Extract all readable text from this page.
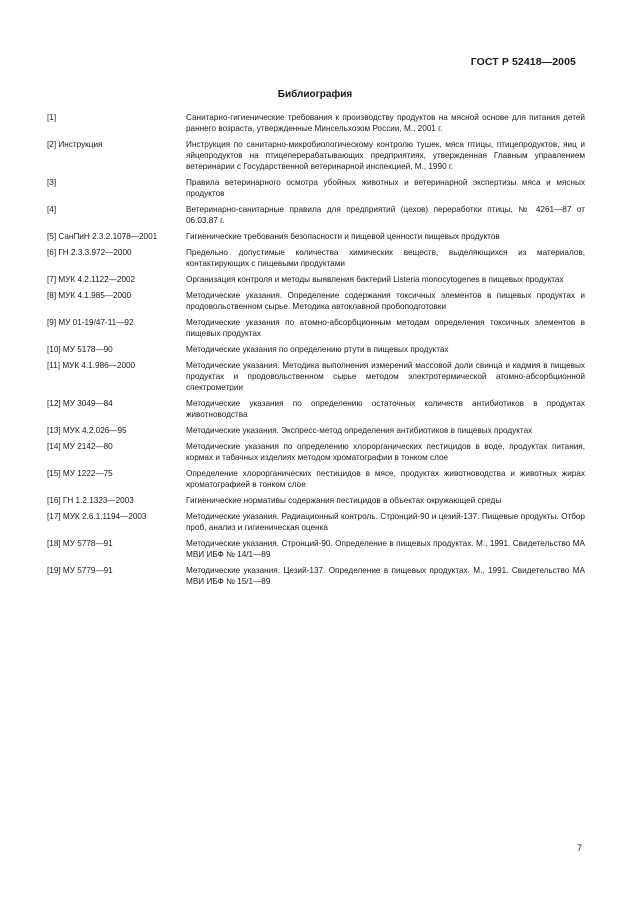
ГОСТ Р 52418—2005
Библиография
[1]	Санитарно-гигиенические требования к производству продуктов на мясной основе для питания детей раннего возраста, утвержденные Минсельхозом России, М., 2001 г.
[2] Инструкция	Инструкция по санитарно-микробиологическому контролю тушек, мяса птицы, птицепродуктов, яиц и яйцепродуктов на птицеперерабатывающих предприятиях, утвержденная Главным управлением ветеринарии с Государственной ветеринарной инспекцией, М., 1990 г.
[3]	Правила ветеринарного осмотра убойных животных и ветеринарной экспертизы мяса и мясных продуктов
[4]	Ветеринарно-санитарные правила для предприятий (цехов) переработки птицы, № 4261—87 от 06.03.87 г.
[5] СанПиН 2.3.2.1078—2001	Гигиенические требования безопасности и пищевой ценности пищевых продуктов
[6] ГН 2.3.3.972—2000	Предельно допустимые количества химических веществ, выделяющихся из материалов, контактирующих с пищевыми продуктами
[7] МУК 4.2.1122—2002	Организация контроля и методы выявления бактерий Listeria monocytogenes в пищевых продуктах
[8] МУК 4.1.985—2000	Методические указания. Определение содержания токсичных элементов в пищевых продуктах и продовольственном сырье. Методика автоклавной пробоподготовки
[9] МУ 01-19/47-11—92	Методические указания по атомно-абсорбционным методам определения токсичных элементов в пищевых продуктах
[10] МУ 5178—90	Методические указания по определению ртути в пищевых продуктах
[11] МУК 4.1.986—2000	Методические указания. Методика выполнения измерений массовой доли свинца и кадмия в пищевых продуктах и продовольственном сырье методом электротермической атомно-абсорбционной спектрометрии
[12] МУ 3049—84	Методические указания по определению остаточных количеств антибиотиков в продуктах животноводства
[13] МУК 4.2.026—95	Методические указания. Экспресс-метод определения антибиотиков в пищевых продуктах
[14] МУ 2142—80	Методические указания по определению хлорорганических пестицидов в воде, продуктах питания, кормах и табачных изделиях методом хроматографии в тонком слое
[15] МУ 1222—75	Определение хлорорганических пестицидов в мясе, продуктах животноводства и животных жирах хроматографией в тонком слое
[16] ГН 1.2.1323—2003	Гигиенические нормативы содержания пестицидов в объектах окружающей среды
[17] МУК 2.6.1.1194—2003	Методические указания. Радиационный контроль. Стронций-90 и цезий-137. Пищевые продукты. Отбор проб, анализ и гигиеническая оценка
[18] МУ 5778—91	Методические указания. Стронций-90. Определение в пищевых продуктах. М., 1991. Свидетельство МА МВИ ИБФ № 14/1—89
[19] МУ 5779—91	Методические указания. Цезий-137. Определение в пищевых продуктах. М., 1991. Свидетельство МА МВИ ИБФ № 15/1—89
7
